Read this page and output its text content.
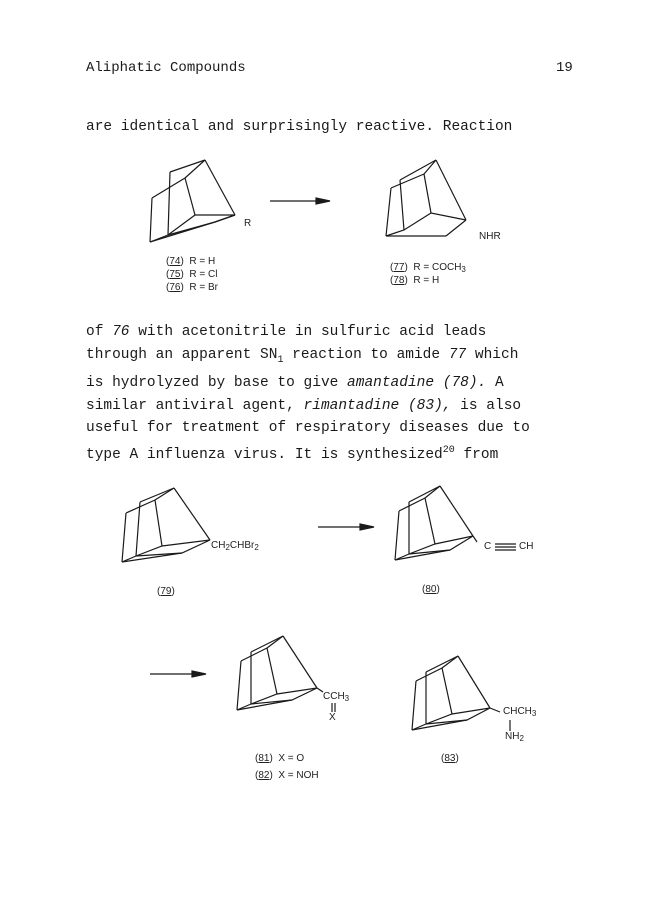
Aliphatic Compounds	19
are identical and surprisingly reactive. Reaction
R
NHR
(74)  R = H
(75)  R = Cl
(76)  R = Br
(77)  $R = COCH_3$
(78)  R = H
of 76 with acetonitrile in sulfuric acid leads
through an apparent $SN_1$ reaction to amide 77 which
is hydrolyzed by base to give amantadine (78). A
similar antiviral agent, rimantadine (83), is also
useful for treatment of respiratory diseases due to
type A influenza virus. It is synthesized$^{20}$ from
$CH_2CHBr_2$	C	CH
(79)	(80)
$CCH_3$
X
$CHCH_3$
$NH_2$
(81)  X = O
(82)  X = NOH
(83)
